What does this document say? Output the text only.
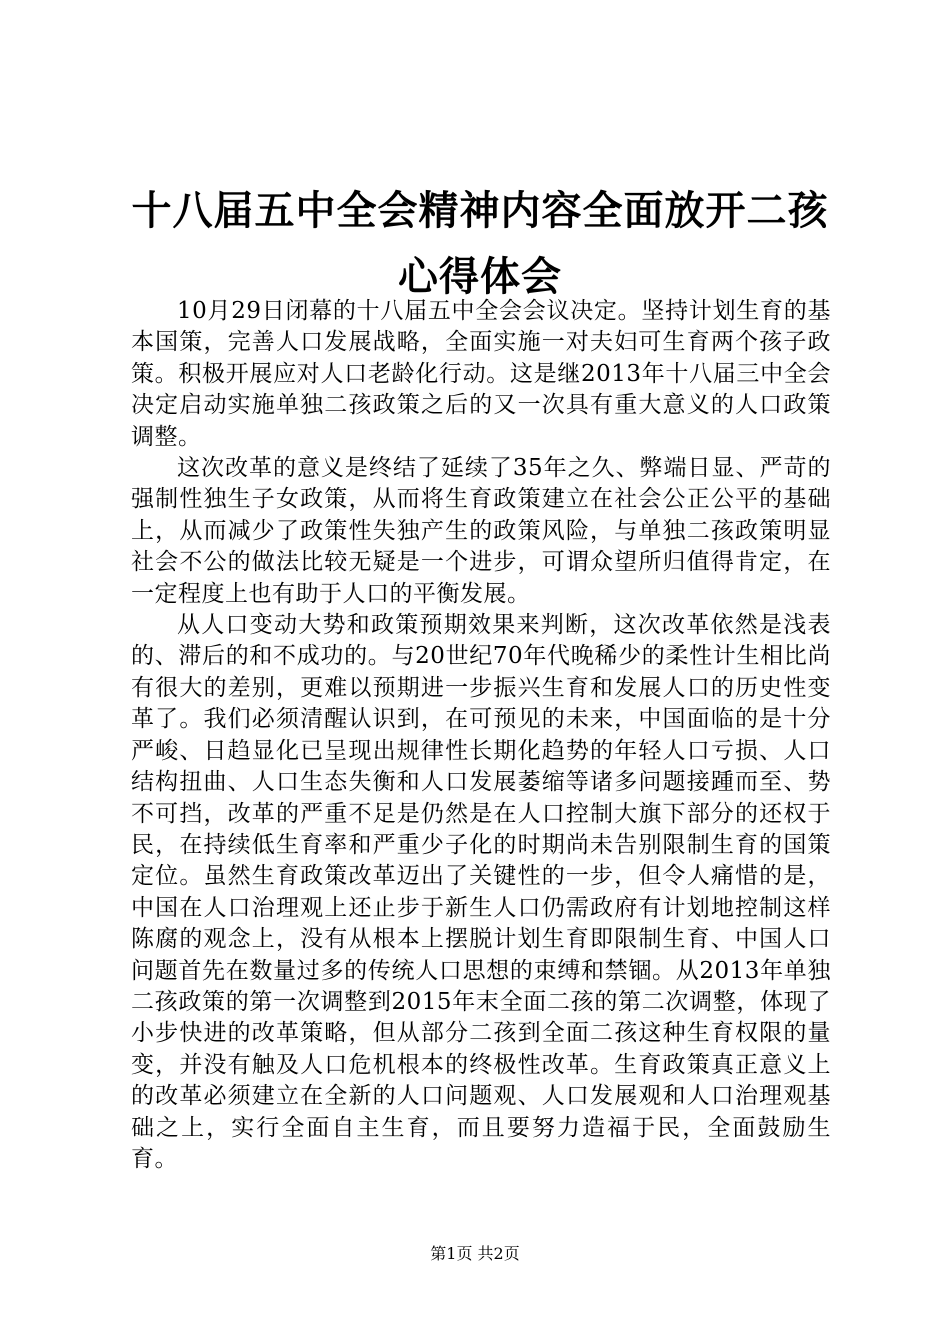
十八届五中全会精神内容全面放开二孩心得体会

10月29日闭幕的十八届五中全会会议决定。坚持计划生育的基本国策，完善人口发展战略，全面实施一对夫妇可生育两个孩子政策。积极开展应对人口老龄化行动。这是继2013年十八届三中全会决定启动实施单独二孩政策之后的又一次具有重大意义的人口政策调整。

这次改革的意义是终结了延续了35年之久、弊端日显、严苛的强制性独生子女政策，从而将生育政策建立在社会公正公平的基础上，从而减少了政策性失独产生的政策风险，与单独二孩政策明显社会不公的做法比较无疑是一个进步，可谓众望所归值得肯定，在一定程度上也有助于人口的平衡发展。

从人口变动大势和政策预期效果来判断，这次改革依然是浅表的、滞后的和不成功的。与20世纪70年代晚稀少的柔性计生相比尚有很大的差别，更难以预期进一步振兴生育和发展人口的历史性变革了。我们必须清醒认识到，在可预见的未来，中国面临的是十分严峻、日趋显化已呈现出规律性长期化趋势的年轻人口亏损、人口结构扭曲、人口生态失衡和人口发展萎缩等诸多问题接踵而至、势不可挡，改革的严重不足是仍然是在人口控制大旗下部分的还权于民，在持续低生育率和严重少子化的时期尚未告别限制生育的国策定位。虽然生育政策改革迈出了关键性的一步，但令人痛惜的是，中国在人口治理观上还止步于新生人口仍需政府有计划地控制这样陈腐的观念上，没有从根本上摆脱计划生育即限制生育、中国人口问题首先在数量过多的传统人口思想的束缚和禁锢。从2013年单独二孩政策的第一次调整到2015年末全面二孩的第二次调整，体现了小步快进的改革策略，但从部分二孩到全面二孩这种生育权限的量变，并没有触及人口危机根本的终极性改革。生育政策真正意义上的改革必须建立在全新的人口问题观、人口发展观和人口治理观基础之上，实行全面自主生育，而且要努力造福于民，全面鼓励生育。

第1页 共2页
